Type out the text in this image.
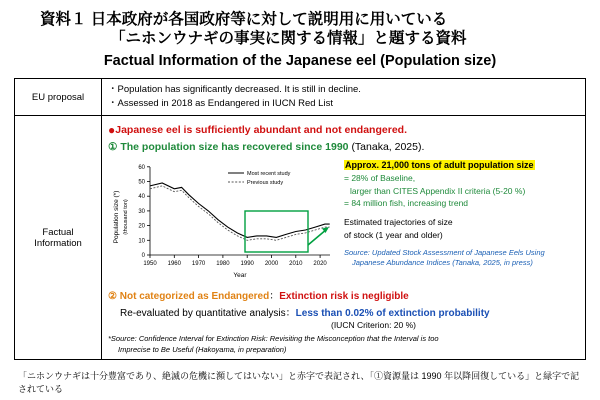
資料１ 日本政府が各国政府等に対して説明用に用いている
「ニホンウナギの事実に関する情報」と題する資料
Factual Information of the Japanese eel (Population size)
EU proposal	・Population has significantly decreased. It is still in decline.
・Assessed in 2018 as Endangered in IUCN Red List

Factual
Information	
●Japanese eel is sufficiently abundant and not endangered.
① The population size has recovered since 1990 (Tanaka, 2025).
0
10
20
30
40
50
60
1950 1960 1970 1980 1990 2000 2010 2020
Year
Population size (*) (thousand ton)
Most recent study
Previous study
Approx. 21,000 tons of adult population size
= 28% of Baseline,
larger than CITES Appendix II criteria (5-20 %)
= 84 million fish, increasing trend
Estimated trajectories of size
of stock (1 year and older)
Source: Updated Stock Assessment of Japanese Eels Using
Japanese Abundance Indices (Tanaka, 2025, in press)
② Not categorized as Endangered：Extinction risk is negligible
Re-evaluated by quantitative analysis：Less than 0.02% of extinction probability
(IUCN Criterion: 20 %)
*Source: Confidence Interval for Extinction Risk: Revisiting the Misconception that the Interval is too
Imprecise to Be Useful (Hakoyama, in preparation)
「ニホンウナギは十分豊富であり、絶滅の危機に瀕してはいない」と赤字で表記され、「①資源量は 1990 年以降回復している」と緑字で記されている
